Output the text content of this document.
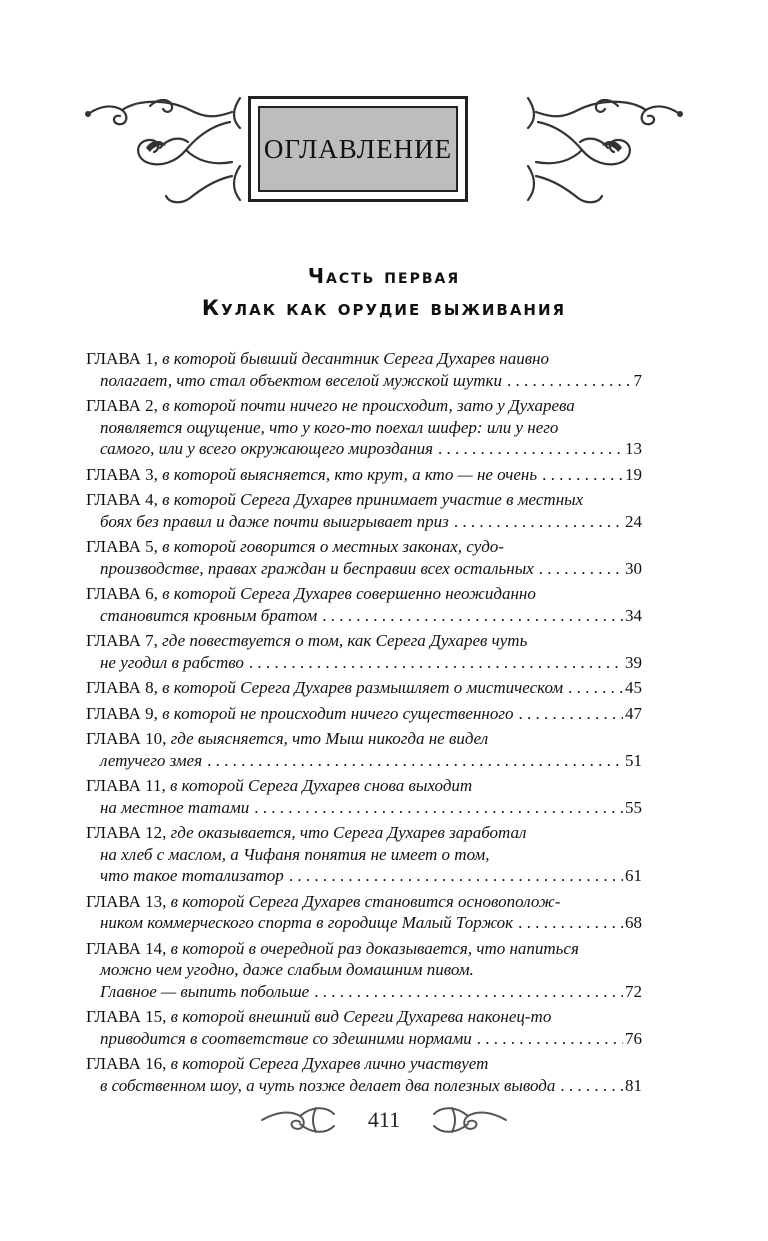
ОГЛАВЛЕНИЕ
Часть первая
Кулак как орудие выживания
ГЛАВА 1,
в которой бывший десантник Серега Духарев наивно
полагает, что стал объектом веселой мужской шутки . . .	7
ГЛАВА 2,
в которой почти ничего не происходит, зато у Духарева
появляется ощущение, что у кого-то поехал шифер: или у него
самого, или у всего окружающего мироздания . . .	13
ГЛАВА 3,
в которой выясняется, кто крут, а кто — не очень . . .	19
ГЛАВА 4,
в которой Серега Духарев принимает участие в местных
боях без правил и даже почти выигрывает приз . . .	24
ГЛАВА 5,
в которой говорится о местных законах, судо-
производстве, правах граждан и бесправии всех остальных . . .	30
ГЛАВА 6,
в которой Серега Духарев совершенно неожиданно
становится кровным братом . . .	34
ГЛАВА 7,
где повествуется о том, как Серега Духарев чуть
не угодил в рабство . . .	39
ГЛАВА 8,
в которой Серега Духарев размышляет о мистическом . . .	45
ГЛАВА 9,
в которой не происходит ничего существенного . . .	47
ГЛАВА 10,
где выясняется, что Мыш никогда не видел
летучего змея . . .	51
ГЛАВА 11,
в которой Серега Духарев снова выходит
на местное татами . . .	55
ГЛАВА 12,
где оказывается, что Серега Духарев заработал
на хлеб с маслом, а Чифаня понятия не имеет о том,
что такое тотализатор . . .	61
ГЛАВА 13,
в которой Серега Духарев становится основополож-
ником коммерческого спорта в городище Малый Торжок . . .	68
ГЛАВА 14,
в которой в очередной раз доказывается, что напиться
можно чем угодно, даже слабым домашним пивом.
Главное — выпить побольше . . .	72
ГЛАВА 15,
в которой внешний вид Сереги Духарева наконец-то
приводится в соответствие со здешними нормами . . .	76
ГЛАВА 16,
в которой Серега Духарев лично участвует
в собственном шоу, а чуть позже делает два полезных вывода . . .	81
411
